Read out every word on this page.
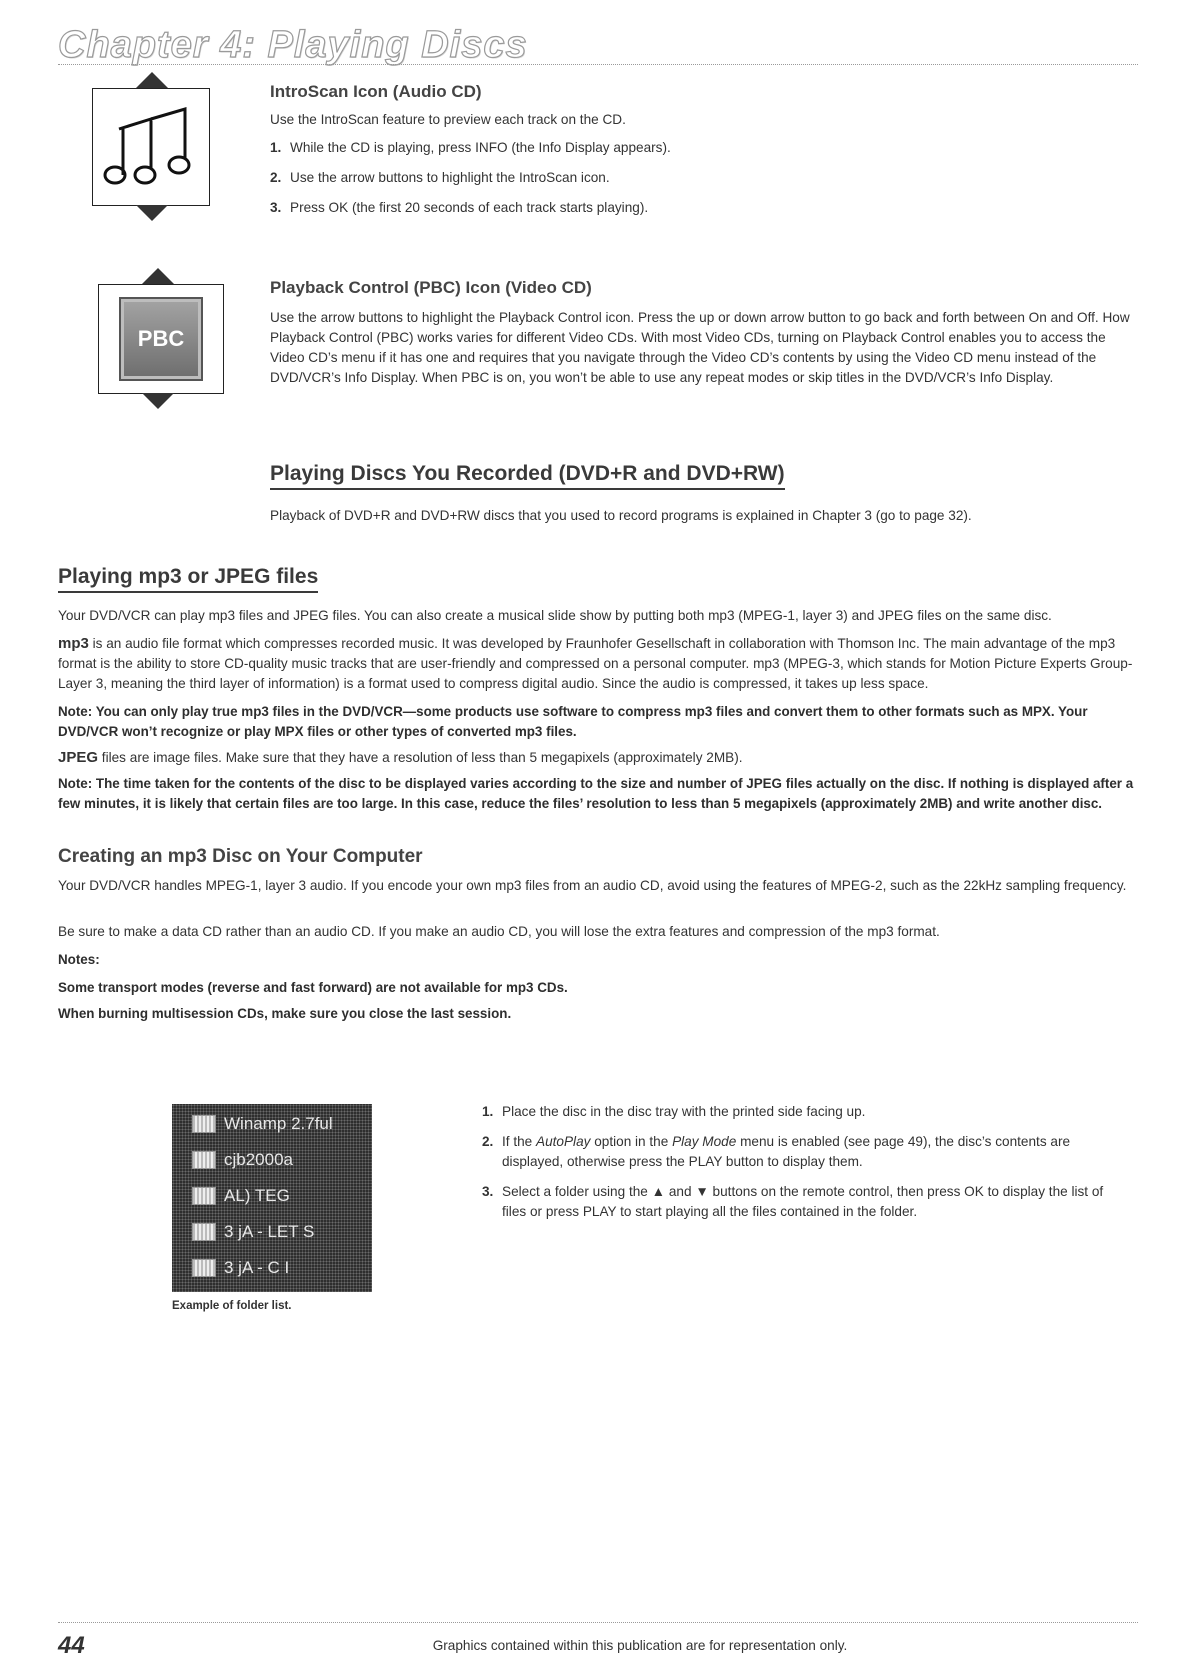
Chapter 4: Playing Discs
IntroScan Icon (Audio CD)
Use the IntroScan feature to preview each track on the CD.
1. While the CD is playing, press INFO (the Info Display appears).
2. Use the arrow buttons to highlight the IntroScan icon.
3. Press OK (the first 20 seconds of each track starts playing).
PBC
Playback Control (PBC) Icon (Video CD)
Use the arrow buttons to highlight the Playback Control icon. Press the up or down arrow button to go back and forth between On and Off. How Playback Control (PBC) works varies for different Video CDs. With most Video CDs, turning on Playback Control enables you to access the Video CD’s menu if it has one and requires that you navigate through the Video CD’s contents by using the Video CD menu instead of the DVD/VCR’s Info Display. When PBC is on, you won’t be able to use any repeat modes or skip titles in the DVD/VCR’s Info Display.
Playing Discs You Recorded (DVD+R and DVD+RW)
Playback of DVD+R and DVD+RW discs that you used to record programs is explained in Chapter 3 (go to page 32).
Playing mp3 or JPEG files
Your DVD/VCR can play mp3 files and JPEG files. You can also create a musical slide show by putting both mp3 (MPEG-1, layer 3) and JPEG files on the same disc.
mp3 is an audio file format which compresses recorded music. It was developed by Fraunhofer Gesellschaft in collaboration with Thomson Inc. The main advantage of the mp3 format is the ability to store CD-quality music tracks that are user-friendly and compressed on a personal computer. mp3 (MPEG-3, which stands for Motion Picture Experts Group-Layer 3, meaning the third layer of information) is a format used to compress digital audio. Since the audio is compressed, it takes up less space.
Note: You can only play true mp3 files in the DVD/VCR—some products use software to compress mp3 files and convert them to other formats such as MPX. Your DVD/VCR won’t recognize or play MPX files or other types of converted mp3 files.
JPEG files are image files. Make sure that they have a resolution of less than 5 megapixels (approximately 2MB).
Note: The time taken for the contents of the disc to be displayed varies according to the size and number of JPEG files actually on the disc. If nothing is displayed after a few minutes, it is likely that certain files are too large. In this case, reduce the files’ resolution to less than 5 megapixels (approximately 2MB) and write another disc.
Creating an mp3 Disc on Your Computer
Your DVD/VCR handles MPEG-1, layer 3 audio. If you encode your own mp3 files from an audio CD, avoid using the features of MPEG-2, such as the 22kHz sampling frequency.
Be sure to make a data CD rather than an audio CD. If you make an audio CD, you will lose the extra features and compression of the mp3 format.
Notes:
Some transport modes (reverse and fast forward) are not available for mp3 CDs.
When burning multisession CDs, make sure you close the last session.
Winamp 2.7ful
cjb2000a
AL) TEG
3 jA - LET S
3 jA - C I
Example of folder list.
1. Place the disc in the disc tray with the printed side facing up.
2. If the AutoPlay option in the Play Mode menu is enabled (see page 49), the disc’s contents are displayed, otherwise press the PLAY button to display them.
3. Select a folder using the ▲ and ▼ buttons on the remote control, then press OK to display the list of files or press PLAY to start playing all the files contained in the folder.
44	Graphics contained within this publication are for representation only.
